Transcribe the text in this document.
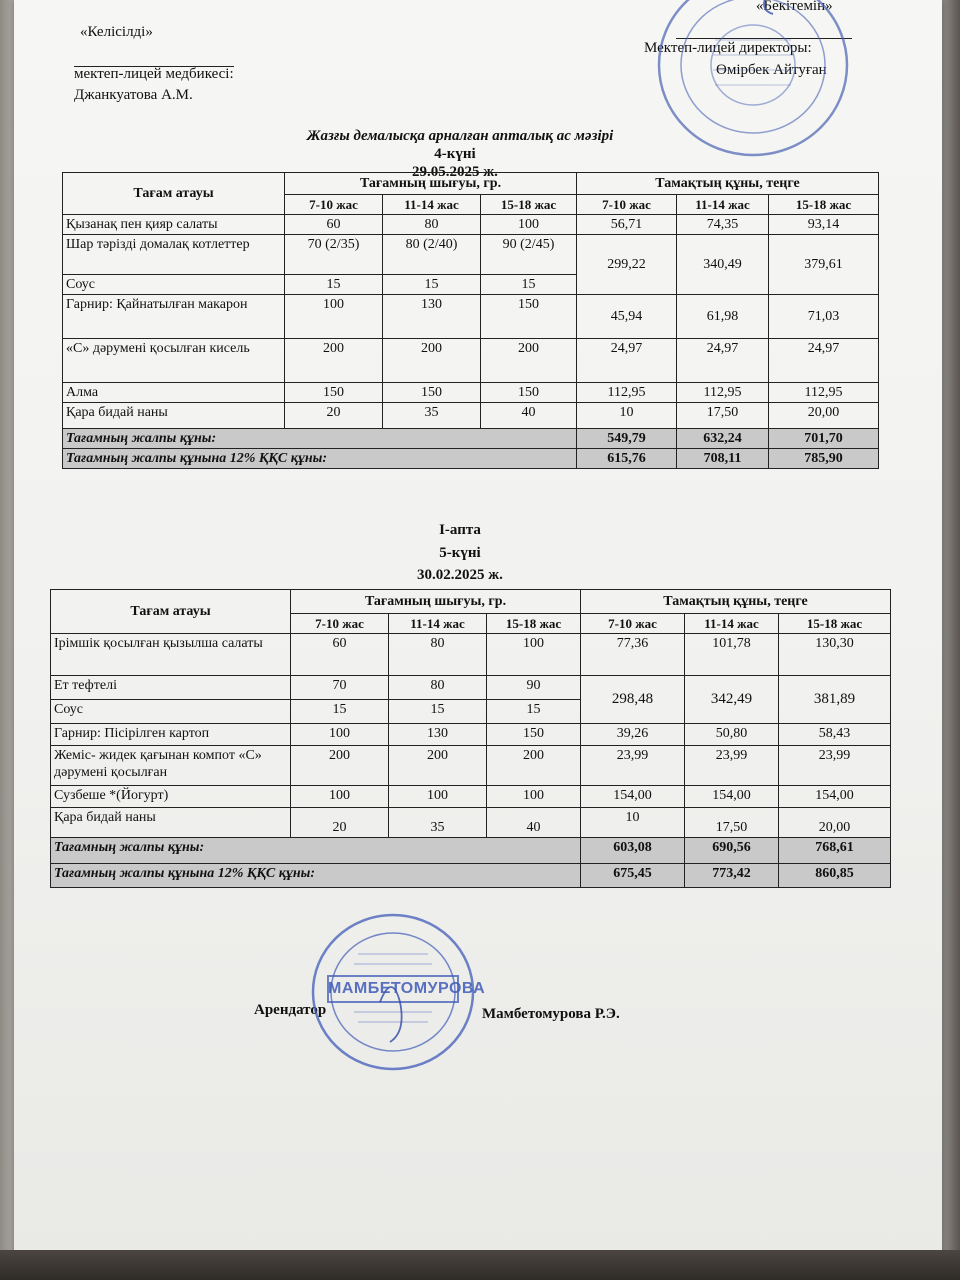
«Келісілді»
мектеп-лицей медбикесі:
Джанкуатова А.М.
«Бекітемін»
Мектеп-лицей директоры:
Өмірбек Айтуған
Жазғы демалысқа арналған апталық ас мәзірі
4-күні
29.05.2025 ж.
Тағам атауы	Тағамның шығуы, гр.			Тамақтың құны, теңге		
	7-10 жас	11-14 жас	15-18 жас	7-10 жас	11-14 жас	15-18 жас
Қызанақ пен қияр салаты	60	80	100	56,71	74,35	93,14
Шар тәрізді домалақ котлеттер	70 (2/35)	80 (2/40)	90 (2/45)	299,22	340,49	379,61
Соус	15	15	15			
Гарнир: Қайнатылған макарон	100	130	150	45,94	61,98	71,03
«С» дәрумені қосылған кисель	200	200	200	24,97	24,97	24,97
Алма	150	150	150	112,95	112,95	112,95
Қара бидай наны	20	35	40	10	17,50	20,00
Тағамның жалпы құны:				549,79	632,24	701,70
Тағамның жалпы құнына 12% ҚҚС құны:				615,76	708,11	785,90
I-апта
5-күні
30.02.2025 ж.
Тағам атауы	Тағамның шығуы, гр.			Тамақтың құны, теңге		
	7-10 жас	11-14 жас	15-18 жас	7-10 жас	11-14 жас	15-18 жас
Ірімшік қосылған қызылша салаты	60	80	100	77,36	101,78	130,30
Ет тефтелі	70	80	90	298,48	342,49	381,89
Соус	15	15	15			
Гарнир: Пісірілген картоп	100	130	150	39,26	50,80	58,43
Жеміс- жидек қағынан компот «С» дәрумені қосылған	200	200	200	23,99	23,99	23,99
Сузбеше *(Йогурт)	100	100	100	154,00	154,00	154,00
Қара бидай наны	20	35	40	10	17,50	20,00
Тағамның жалпы құны:				603,08	690,56	768,61
Тағамның жалпы құнына 12% ҚҚС құны:				675,45	773,42	860,85
Арендатор	Мамбетомурова Р.Э.
МАМБЕТОМУРОВА
